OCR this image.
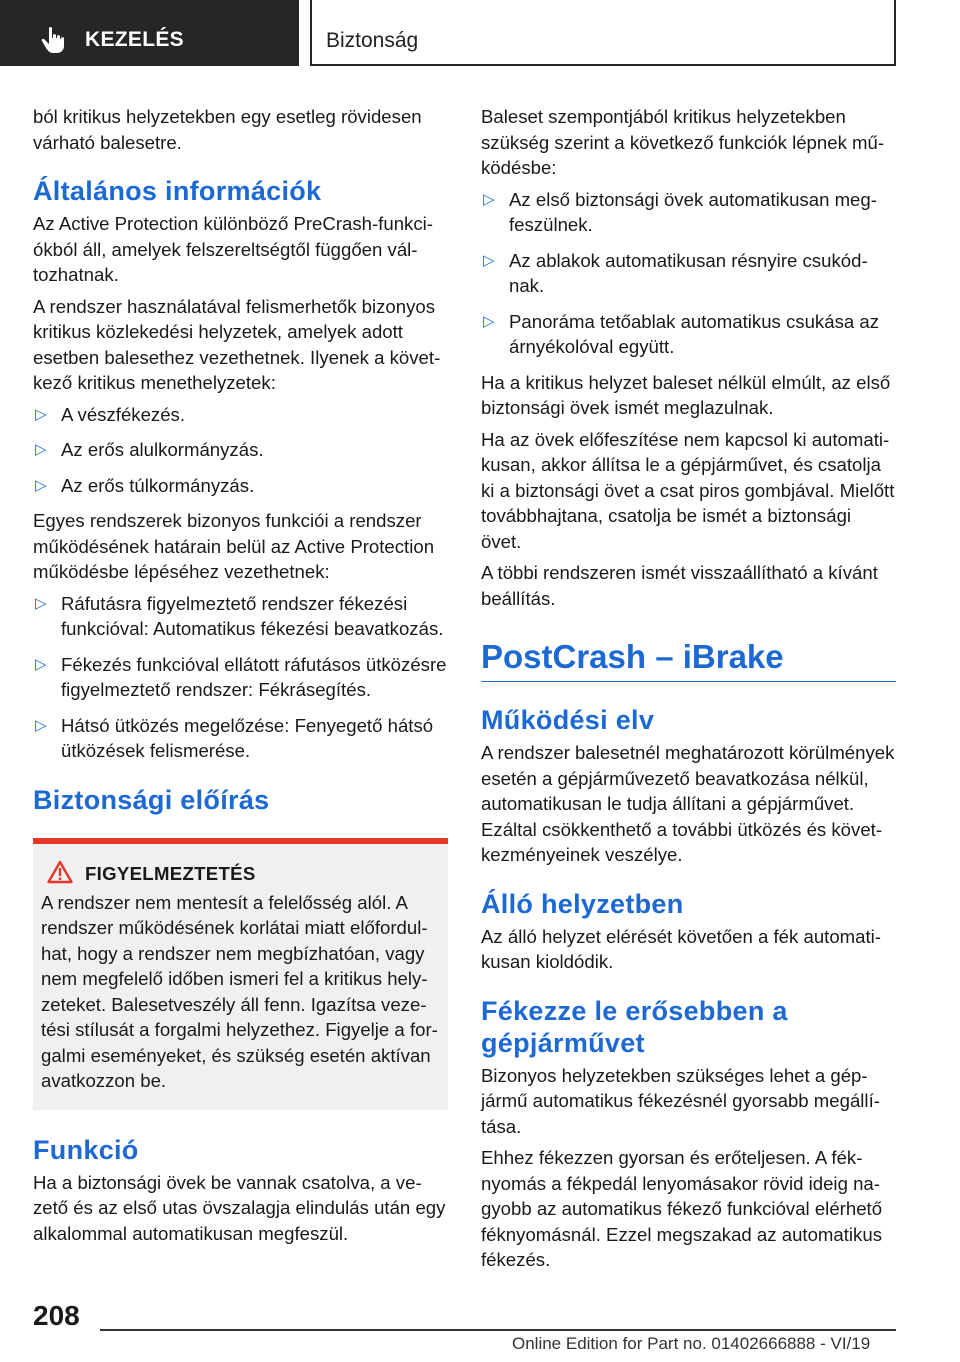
KEZELÉS	Biztonság

ból kritikus helyzetekben egy esetleg rövidesen várható balesetre.

Általános információk

Az Active Protection különböző PreCrash-funkciókból áll, amelyek felszereltségtől függően változhatnak.

A rendszer használatával felismerhetők bizonyos kritikus közlekedési helyzetek, amelyek adott esetben balesethez vezethetnek. Ilyenek a következő kritikus menethelyzetek:

▷ A vészfékezés.
▷ Az erős alulkormányzás.
▷ Az erős túlkormányzás.

Egyes rendszerek bizonyos funkciói a rendszer működésének határain belül az Active Protection működésbe lépéséhez vezethetnek:

▷ Ráfutásra figyelmeztető rendszer fékezési funkcióval: Automatikus fékezési beavatkozás.
▷ Fékezés funkcióval ellátott ráfutásos ütközésre figyelmeztető rendszer: Fékrásegítés.
▷ Hátsó ütközés megelőzése: Fenyegető hátsó ütközések felismerése.
Biztonsági előírás
FIGYELMEZTETÉS

A rendszer nem mentesít a felelősség alól. A rendszer működésének korlátai miatt előfordulhat, hogy a rendszer nem megbízhatóan, vagy nem megfelelő időben ismeri fel a kritikus helyzeteket. Balesetveszély áll fenn. Igazítsa vezetési stílusát a forgalmi helyzethez. Figyelje a forgalmi eseményeket, és szükség esetén aktívan avatkozzon be.

Funkció

Ha a biztonsági övek be vannak csatolva, a vezető és az első utas övszalagja elindulás után egy alkalommal automatikusan megfeszül.

Baleset szempontjából kritikus helyzetekben szükség szerint a következő funkciók lépnek működésbe:

▷ Az első biztonsági övek automatikusan megfeszülnek.
▷ Az ablakok automatikusan résnyire csukódnak.
▷ Panoráma tetőablak automatikus csukása az árnyékolóval együtt.

Ha a kritikus helyzet baleset nélkül elmúlt, az első biztonsági övek ismét meglazulnak.

Ha az övek előfeszítése nem kapcsol ki automatikusan, akkor állítsa le a gépjárművet, és csatolja ki a biztonsági övet a csat piros gombjával. Mielőtt továbbhajtana, csatolja be ismét a biztonsági övet.

A többi rendszeren ismét visszaállítható a kívánt beállítás.

PostCrash – iBrake
Működési elv

A rendszer balesetnél meghatározott körülmények esetén a gépjárművezető beavatkozása nélkül, automatikusan le tudja állítani a gépjárművet. Ezáltal csökkenthető a további ütközés és következményeinek veszélye.

Álló helyzetben

Az álló helyzet elérését követően a fék automatikusan kioldódik.

Fékezze le erősebben a gépjárművet

Bizonyos helyzetekben szükséges lehet a gépjármű automatikus fékezésnél gyorsabb megállítása.

Ehhez fékezzen gyorsan és erőteljesen. A féknyomás a fékpedál lenyomásakor rövid ideig nagyobb az automatikus fékező funkcióval elérhető féknyomásnál. Ezzel megszakad az automatikus fékezés.

208
Online Edition for Part no. 01402666888 - VI/19
